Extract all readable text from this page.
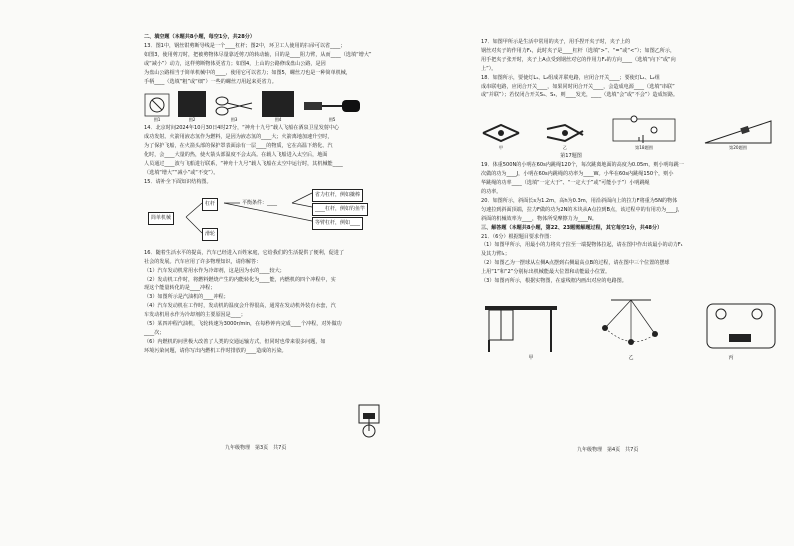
二、填空题（本题共8小题，每空1分，共28分）

13．图1中，钢丝钳剪断导线是一个____杠杆；图2中，环卫工人使用的扫帚可以省____；

如图3，使用剪刀时，把被剪物体尽量靠近剪刀的转动轴，目的是____阻力臂，从而____（选填“增大”

或“减小”）动力，这样剪断物体更省力；如图4，上山的公路修成盘山公路，是因

为盘山公路相当于简单机械中的____，使用它可以省力；如图5，螺丝刀也是一种简单机械，

手柄____（选填“粗”或“细”）一些的螺丝刀用起来更省力。

图1	图2	图3	图4	图5

14．北京时间2024年10月30日4时27分，“神舟十九号”载人飞船在酒泉卫星发射中心

成功发射。火箭用液态氢作为燃料，是因为液态氢的____大；火箭离地加速升空时，

为了保护飞船，在火箭头部的保护罩表面涂有一层____的物质，它在高温下熔化、汽

化时，会____大量的热，使火箭头部温度不会太高。在载人飞船进入太空后，地面

人员通过____波与飞船进行联系，“神舟十九号”载人飞船在太空中运行时，其机械能____

（选填“增大”“减小”或“不变”）。

15．请补全下面知识结构图。

简单机械
杠杆
滑轮
平衡条件：____
省力杠杆，例如撬棒
____杠杆，例如钓鱼竿
等臂杠杆，例如____

16．随着生活水平的提高，汽车已经进入百姓家庭，它给我们的生活提供了便利，促进了

社会的发展。汽车应用了许多物理知识，请你解答：

（1）汽车发动机常用水作为冷却剂，这是因为水的____较大；

（2）发动机工作时，将燃料燃烧产生的内能转化为____能，内燃机的四个冲程中，实

现这个能量转化的是____冲程；

（3）如图所示是汽油机的____冲程；

（4）汽车发动机在工作时，发动机的温度会升得很高，通常在发动机外装有水套，汽

车发动机用水作为冷却剂的主要原因是____；

（5）某四冲程汽油机，飞轮转速为3000r/min，在每秒钟内完成____个冲程，对外做功

____次；

（6）内燃机的问世极大改善了人类的交通运输方式，但同时也带来很多问题，如

环境污染问题，请你写出内燃机工作时排放的____造成的污染。

九年级物理　第3页　共7页

17．如图甲所示是生活中常用的夹子，用手捏开夹子时，夹子上的

钢丝对夹子的作用力F₁，此时夹子是____杠杆（选填“>”、“=”或“<”）；如图乙所示，

用手把夹子张开时，夹子上A点受到钢丝对它的作用力F₂的方向____（选填“向下”或“向

上”）。

18．如图所示，要使灯L₁、L₂组成并联电路，应闭合开关____；要使灯L₁、L₂组

成串联电路，应闭合开关____，如果同时闭合开关____，会造成电源____（选填“串联”

或“并联”）；若仅闭合开关S₁、S₃，则____发光，____（选填“会”或“不会”）造成短路。

甲	乙	第18题图	第20题图

第17题图

19．体重500N的小明在60s内跳绳120个，每次跳离地面的高度为0.05m，则小明每跳一

次做的功为____J，小明在60s内跳绳的功率为____W。小华在60s内跳绳150个，则小

华跳绳的功率____（选填“一定大于”、“一定大于”或“可能小于”）小明跳绳

的功率。

20．如图所示，斜面长s为1.2m，高h为0.3m，用沿斜面向上的拉力F将重为5N的物体

匀速拉到斜面顶端，拉力F做的功为2N的木块从A点拉到B点，该过程中的有用功为____J，

斜面的机械效率为____，物体所受摩擦力为____N。

三、解答题（本题共8小题，第22、23题需解题过程，其它每空1分，共48分）

21．（6分）根据题目要求作图：

（1）如图甲所示，用最小的力将夹子拉至一端提物体拉起，请在图中作出该最小的动力F₁

及其力臂l₁；

（2）如图乙为一摆球从左侧A点摆到右侧最高点B的过程，请在图中三个位置的摆球

上用“1”和“2”分别标出机械能最大位置和动能最小位置。

（3）如图丙所示，根据实物图，在虚线框内画出对应的电路图。

甲	乙	丙
九年级物理　第4页　共7页
